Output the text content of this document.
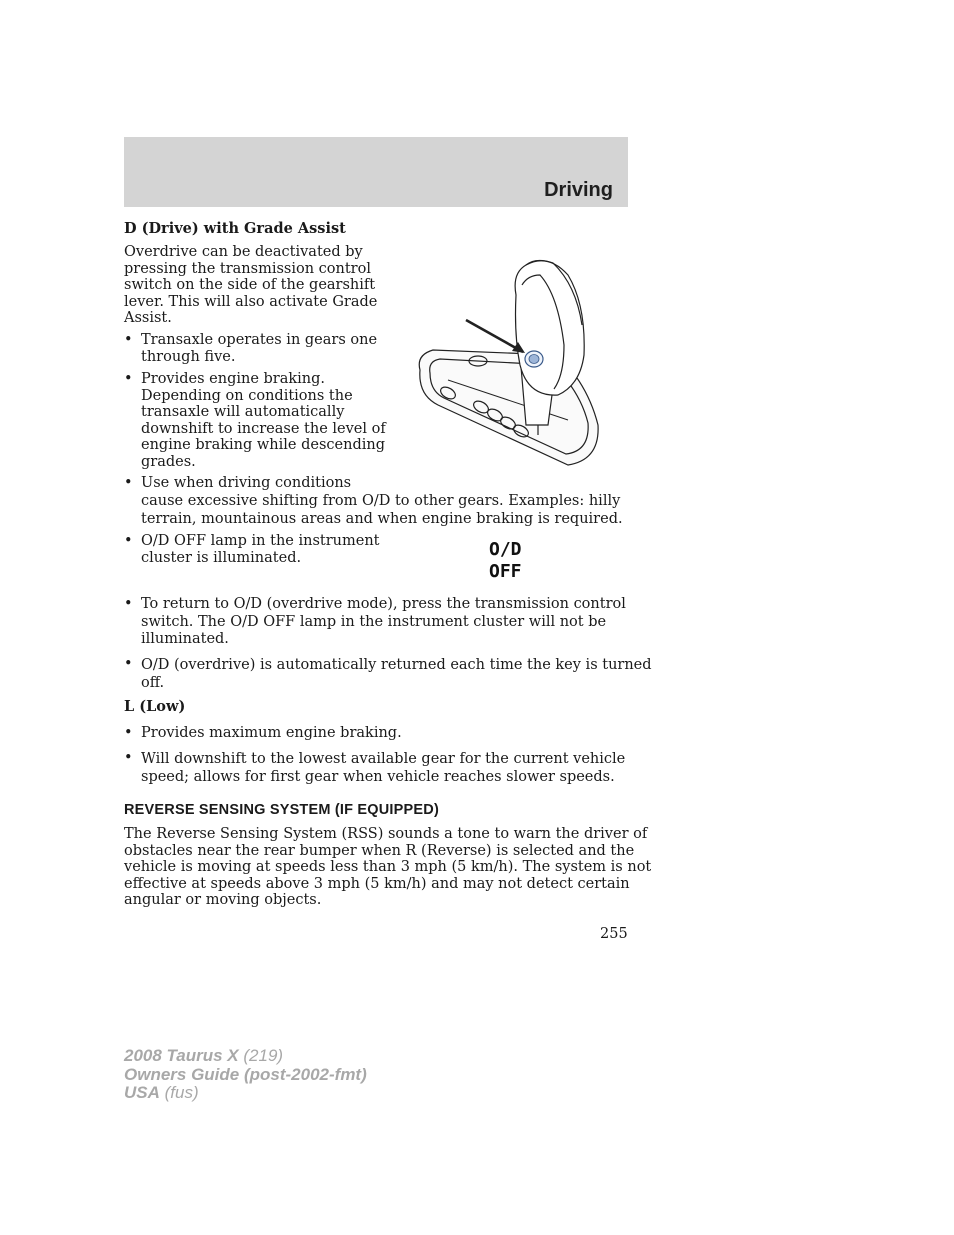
Driving
D (Drive) with Grade Assist
Overdrive can be deactivated by
pressing the transmission control
switch on the side of the gearshift
lever. This will also activate Grade
Assist.
• Transaxle operates in gears one
through five.
• Provides engine braking.
Depending on conditions the
transaxle will automatically
downshift to increase the level of
engine braking while descending
grades.
• Use when driving conditions
cause excessive shifting from O/D to other gears. Examples: hilly
terrain, mountainous areas and when engine braking is required.
• O/D OFF lamp in the instrument
cluster is illuminated.	O/D
OFF
• To return to O/D (overdrive mode), press the transmission control
switch. The O/D OFF lamp in the instrument cluster will not be
illuminated.
• O/D (overdrive) is automatically returned each time the key is turned
off.
L (Low)
• Provides maximum engine braking.
• Will downshift to the lowest available gear for the current vehicle
speed; allows for first gear when vehicle reaches slower speeds.
REVERSE SENSING SYSTEM (IF EQUIPPED)
The Reverse Sensing System (RSS) sounds a tone to warn the driver of
obstacles near the rear bumper when R (Reverse) is selected and the
vehicle is moving at speeds less than 3 mph (5 km/h). The system is not
effective at speeds above 3 mph (5 km/h) and may not detect certain
angular or moving objects.
255
2008 Taurus X (219)
Owners Guide (post-2002-fmt)
USA (fus)
